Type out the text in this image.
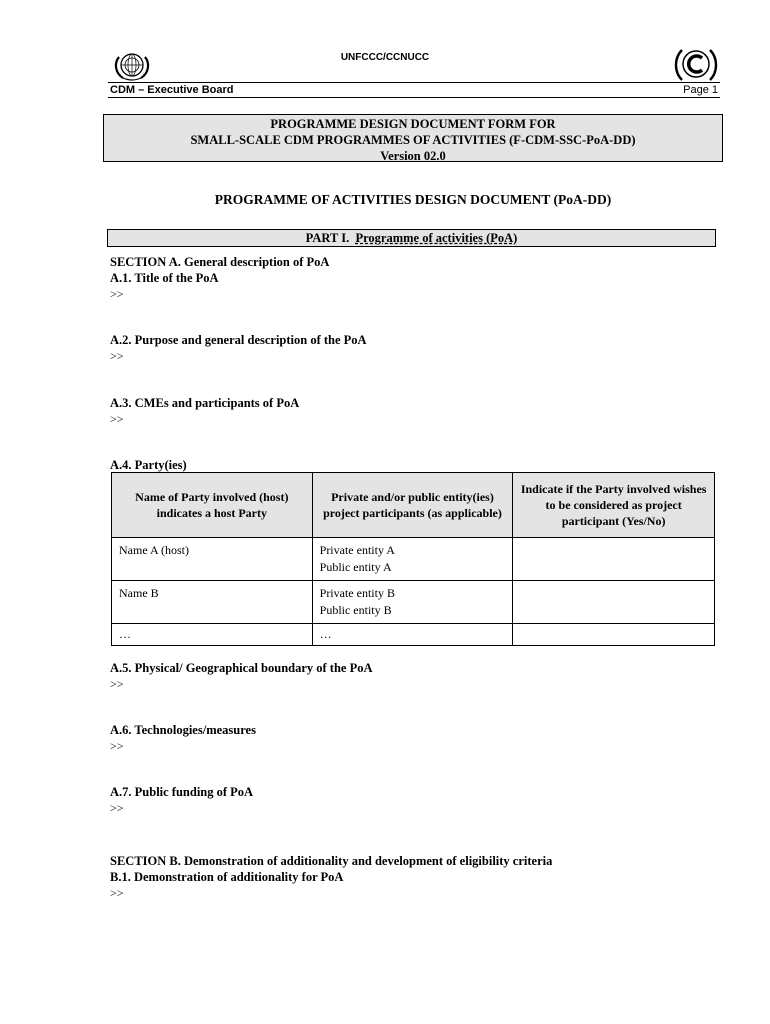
UNFCCC/CCNUCC
CDM – Executive Board	Page 1
PROGRAMME DESIGN DOCUMENT FORM FOR
SMALL-SCALE CDM PROGRAMMES OF ACTIVITIES (F-CDM-SSC-PoA-DD)
Version 02.0
PROGRAMME OF ACTIVITIES DESIGN DOCUMENT (PoA-DD)
PART I. Programme of activities (PoA)
SECTION A. General description of PoA
A.1. Title of the PoA
>>
A.2. Purpose and general description of the PoA
>>
A.3. CMEs and participants of PoA
>>
A.4. Party(ies)
Name of Party involved (host) indicates a host Party	Private and/or public entity(ies) project participants (as applicable)	Indicate if the Party involved wishes to be considered as project participant (Yes/No)
Name A (host)	Private entity A
Public entity A	

Name B	Private entity B
Public entity B	

…	…	

A.5. Physical/ Geographical boundary of the PoA
>>
A.6. Technologies/measures
>>
A.7. Public funding of PoA
>>
SECTION B. Demonstration of additionality and development of eligibility criteria
B.1. Demonstration of additionality for PoA
>>
